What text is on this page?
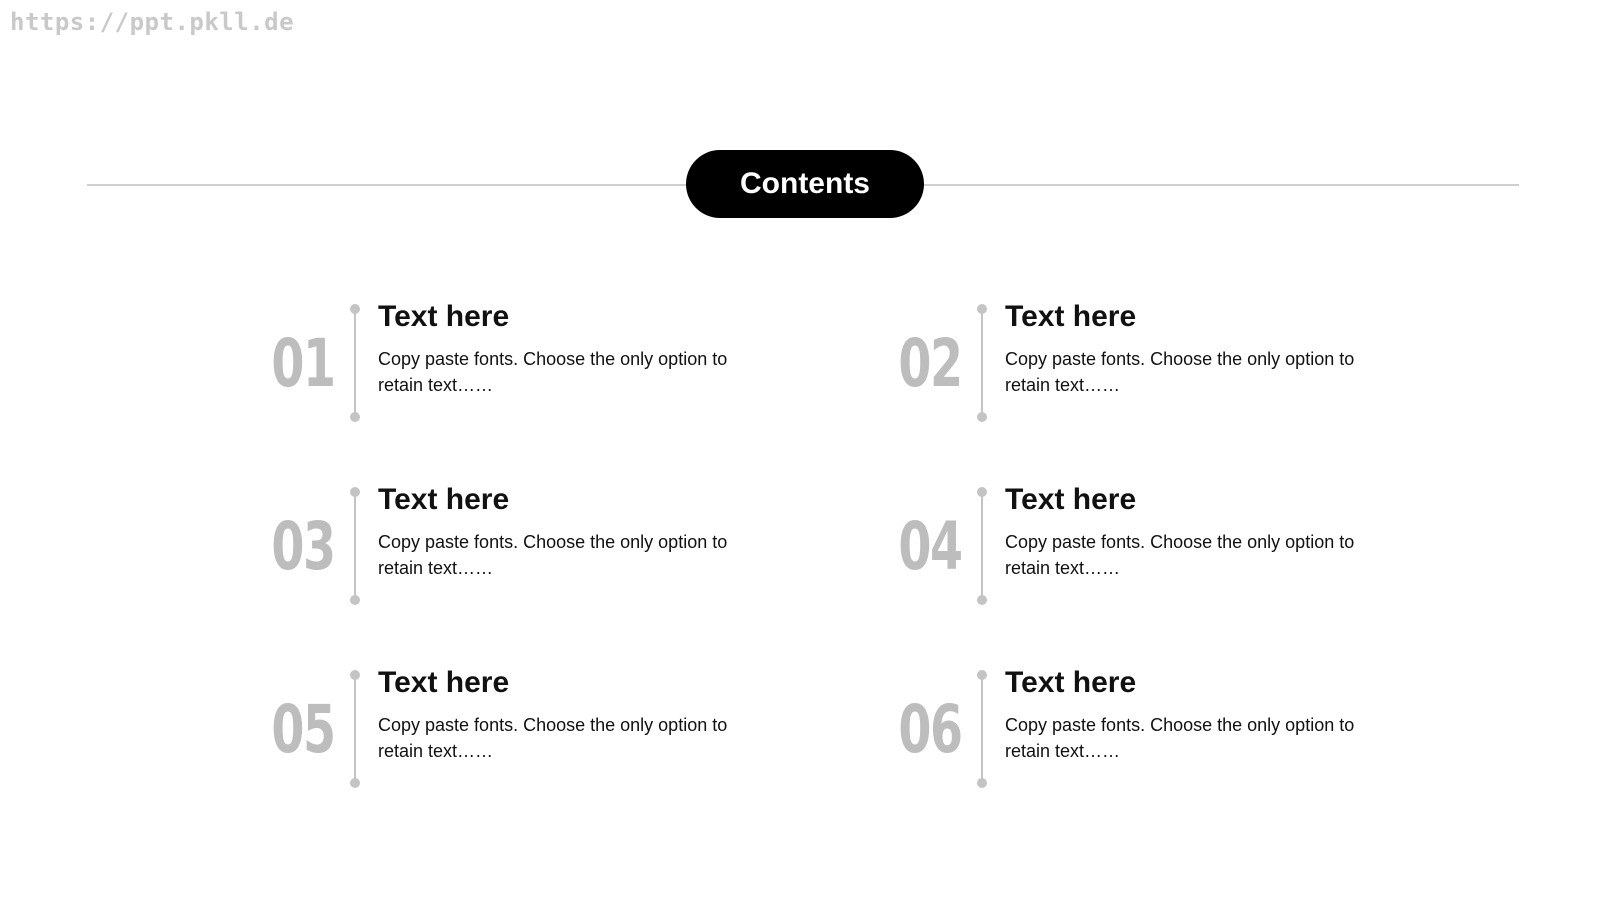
https://ppt.pkll.de
Contents
01
Text here
Copy paste fonts. Choose the only option to retain text……	02
Text here
Copy paste fonts. Choose the only option to retain text……
03
Text here
Copy paste fonts. Choose the only option to retain text……	04
Text here
Copy paste fonts. Choose the only option to retain text……
05
Text here
Copy paste fonts. Choose the only option to retain text……	06
Text here
Copy paste fonts. Choose the only option to retain text……
